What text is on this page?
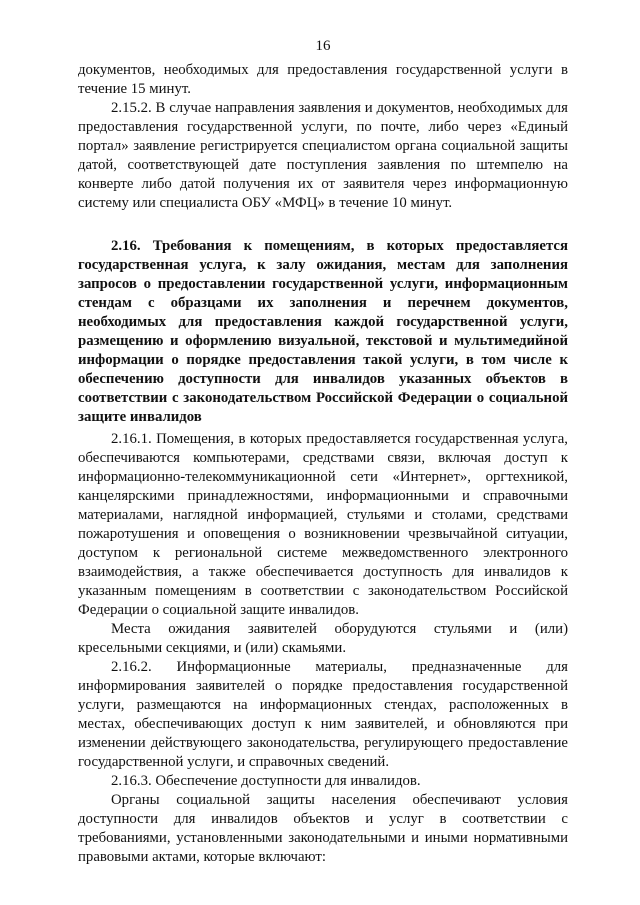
16

документов, необходимых для предоставления государственной услуги в течение 15 минут.

2.15.2. В случае направления заявления и документов, необходимых для предоставления государственной услуги, по почте, либо через «Единый портал» заявление регистрируется специалистом органа социальной защиты датой, соответствующей дате поступления заявления по штемпелю на конверте либо датой получения их от заявителя через информационную систему или специалиста ОБУ «МФЦ» в течение 10 минут.

2.16. Требования к помещениям, в которых предоставляется государственная услуга, к залу ожидания, местам для заполнения запросов о предоставлении государственной услуги, информационным стендам с образцами их заполнения и перечнем документов, необходимых для предоставления каждой государственной услуги, размещению и оформлению визуальной, текстовой и мультимедийной информации о порядке предоставления такой услуги, в том числе к обеспечению доступности для инвалидов указанных объектов в соответствии с законодательством Российской Федерации о социальной защите инвалидов

2.16.1. Помещения, в которых предоставляется государственная услуга, обеспечиваются компьютерами, средствами связи, включая доступ к информационно-телекоммуникационной сети «Интернет», оргтехникой, канцелярскими принадлежностями, информационными и справочными материалами, наглядной информацией, стульями и столами, средствами пожаротушения и оповещения о возникновении чрезвычайной ситуации, доступом к региональной системе межведомственного электронного взаимодействия, а также обеспечивается доступность для инвалидов к указанным помещениям в соответствии с законодательством Российской Федерации о социальной защите инвалидов.

Места ожидания заявителей оборудуются стульями и (или) кресельными секциями, и (или) скамьями.

2.16.2. Информационные материалы, предназначенные для информирования заявителей о порядке предоставления государственной услуги, размещаются на информационных стендах, расположенных в местах, обеспечивающих доступ к ним заявителей, и обновляются при изменении действующего законодательства, регулирующего предоставление государственной услуги, и справочных сведений.

2.16.3. Обеспечение доступности для инвалидов.

Органы социальной защиты населения обеспечивают условия доступности для инвалидов объектов и услуг в соответствии с требованиями, установленными законодательными и иными нормативными правовыми актами, которые включают:
